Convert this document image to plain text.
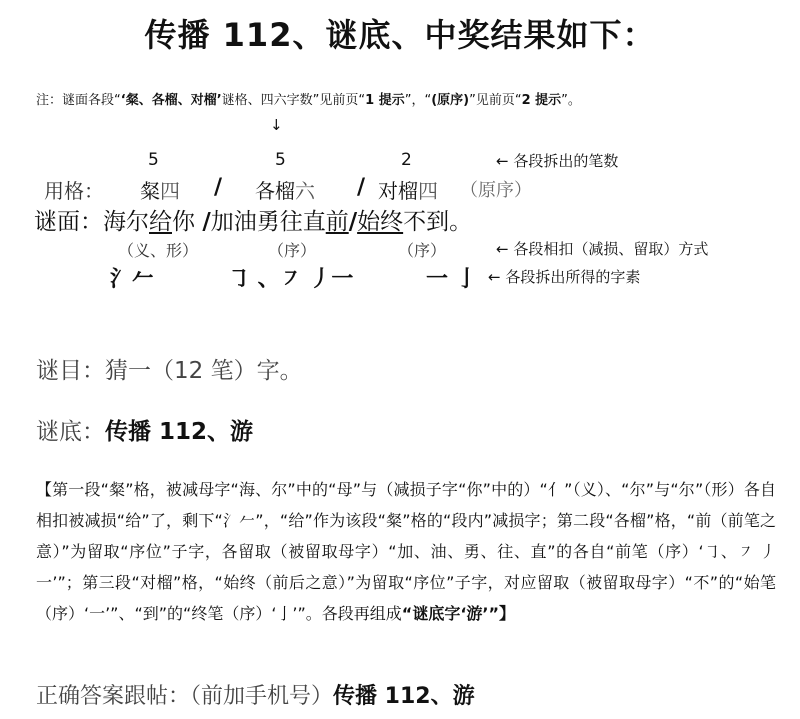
传播 112、谜底、中奖结果如下：
注：谜面各段“‘粲、各榴、对榴’谜格、四六字数”见前页“1 提示”，“(原序)”见前页“2 提示”。
↓
5	5	2	← 各段拆出的笔数
用格： 粲四 / 各榴六 / 对榴四 （原序）
谜面：海尔给你 /加油勇往直前/始终不到。
（义、形）	（序）	（序）	← 各段相扣（减损、留取）方式
氵𠂉	㇆ 、㇇ 丿一	一 亅 ← 各段拆出所得的字素
谜目：猜一（12 笔）字。
谜底：传播 112、游
【第一段“粲”格，被减母字“海、尔”中的“母”与（减损子字“你”中的）“亻”（义）、“尔”与“尔”（形）各自相扣被减损“给”了，剩下“氵𠂉”，“给”作为该段“粲”格的“段内”减损字；第二段“各榴”格，“前（前笔之意）”为留取“序位”子字，各留取（被留取母字）“加、油、勇、往、直”的各自“前笔（序）‘㇆、㇇ 丿 一’”；第三段“对榴”格，“始终（前后之意）”为留取“序位”子字，对应留取（被留取母字）“不”的“始笔（序）‘一’”、“到”的“终笔（序）‘亅’”。各段再组成“谜底字‘游’”】
正确答案跟帖：（前加手机号）传播 112、游
